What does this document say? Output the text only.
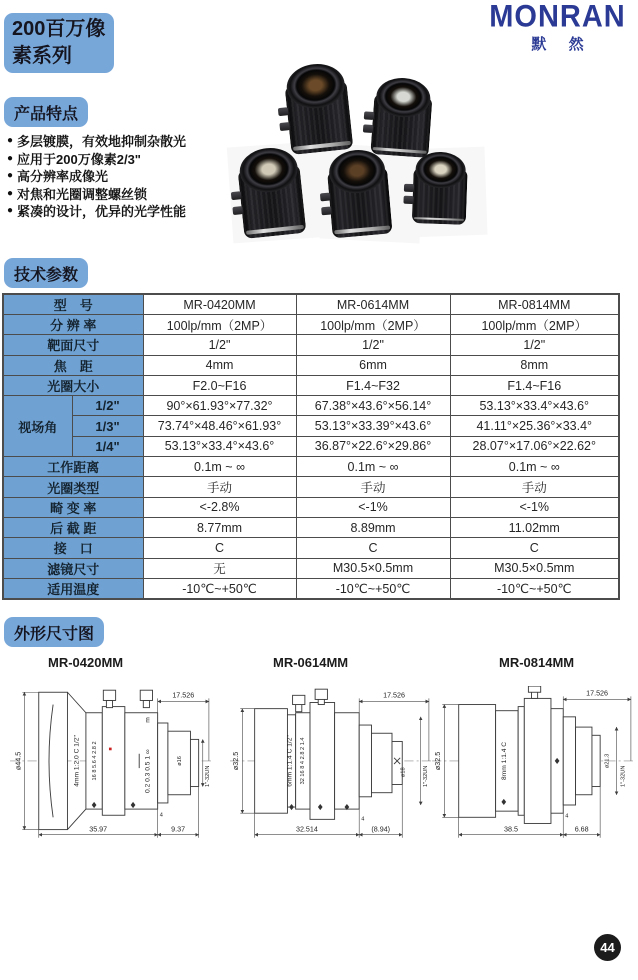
200百万像素系列
MONRAN
默 然
产品特点
● 多层镀膜，有效地抑制杂散光
● 应用于200万像素2/3"
● 高分辨率成像光
● 对焦和光圈调整螺丝锁
● 紧凑的设计，优异的光学性能
技术参数
型　号		MR-0420MM	MR-0614MM	MR-0814MM
分 辨 率		100lp/mm（2MP）	100lp/mm（2MP）	100lp/mm（2MP）
靶面尺寸		1/2"	1/2"	1/2"
焦　距		4mm	6mm	8mm
光圈大小		F2.0~F16	F1.4~F32	F1.4~F16
视场角	1/2"	90°×61.93°×77.32°	67.38°×43.6°×56.14°	53.13°×33.4°×43.6°
	1/3"	73.74°×48.46°×61.93°	53.13°×33.39°×43.6°	41.11°×25.36°×33.4°
	1/4"	53.13°×33.4°×43.6°	36.87°×22.6°×29.86°	28.07°×17.06°×22.62°
工作距离		0.1m ~ ∞	0.1m ~ ∞	0.1m ~ ∞
光圈类型		手动	手动	手动
畸 变 率		<-2.8%	<-1%	<-1%
后 截 距		8.77mm	8.89mm	11.02mm
接　口		C	C	C
滤镜尺寸		无	M30.5×0.5mm	M30.5×0.5mm
适用温度		-10℃~+50℃	-10℃~+50℃	-10℃~+50℃
外形尺寸图
MR-0420MM	MR-0614MM	MR-0814MM
4mm 1:2.0 C 1/2" 16 8 5.6 4 2.8 2	0.2 0.3 0.5 1 ∞
m
ø44.5
17.526
ø16
1"-32UN
35.97	9.37
4
6mm 1:1.4 C 1/2" 32 16 8 4 2.8 2 1.4
ø32.5
17.526
ø18	1"-32UN
32.514	(8.94)
4
8mm 1:1.4 C
ø32.5
17.526
ø21.3
1"-32UN
38.5	6.68
4
44
